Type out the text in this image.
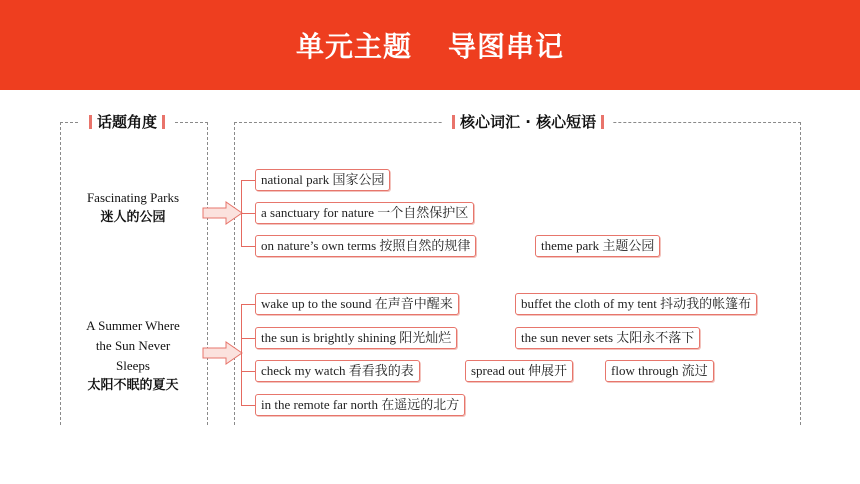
单元主题 导图串记
话题角度	核心词汇 · 核心短语
Fascinating Parks
迷人的公园
A Summer Where
the Sun Never
Sleeps
太阳不眠的夏天
national park 国家公园
a sanctuary for nature 一个自然保护区
on nature’s own terms 按照自然的规律	theme park 主题公园
wake up to the sound 在声音中醒来	buffet the cloth of my tent 抖动我的帐篷布
the sun is brightly shining 阳光灿烂	the sun never sets 太阳永不落下
check my watch 看看我的表	spread out 伸展开	flow through 流过
in the remote far north 在遥远的北方
